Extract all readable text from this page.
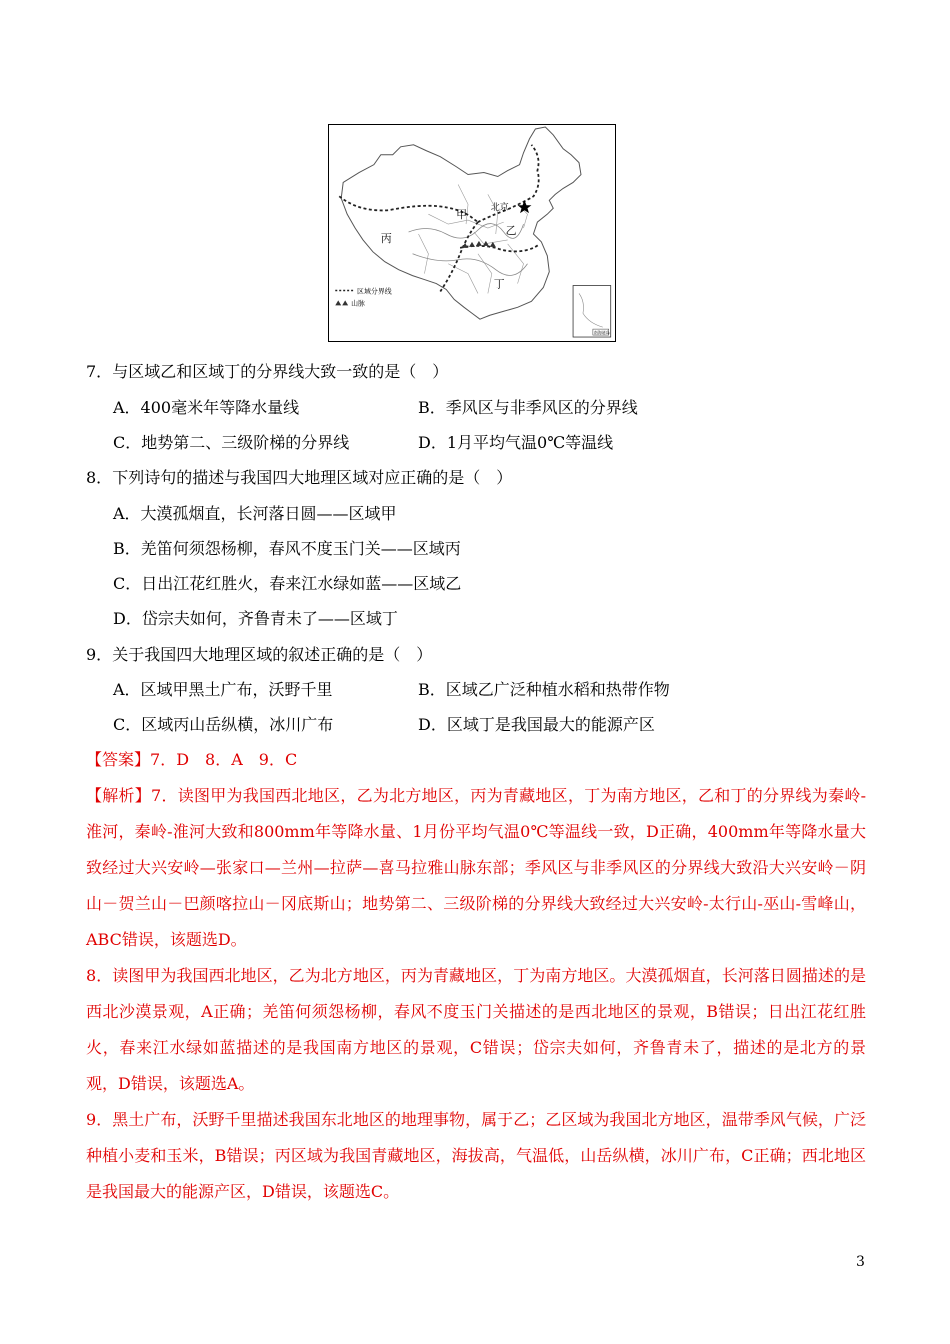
甲	北京
乙
丙
丁
区域分界线
山脉
南海诸岛
7．与区域乙和区域丁的分界线大致一致的是（　）
A．400毫米年等降水量线	B．季风区与非季风区的分界线
C．地势第二、三级阶梯的分界线	D．1月平均气温0℃等温线
8．下列诗句的描述与我国四大地理区域对应正确的是（　）
A．大漠孤烟直，长河落日圆——区域甲
B．羌笛何须怨杨柳，春风不度玉门关——区域丙
C．日出江花红胜火，春来江水绿如蓝——区域乙
D．岱宗夫如何，齐鲁青未了——区域丁
9．关于我国四大地理区域的叙述正确的是（　）
A．区域甲黑土广布，沃野千里	B．区域乙广泛种植水稻和热带作物
C．区域丙山岳纵横，冰川广布	D．区域丁是我国最大的能源产区
【答案】7．D　8．A　9．C

【解析】7．读图甲为我国西北地区，乙为北方地区，丙为青藏地区，丁为南方地区，乙和丁的分界线为秦岭-淮河，秦岭-淮河大致和800mm年等降水量、1月份平均气温0℃等温线一致，D正确，400mm年等降水量大致经过大兴安岭—张家口—兰州—拉萨—喜马拉雅山脉东部；季风区与非季风区的分界线大致沿大兴安岭－阴山－贺兰山－巴颜喀拉山－冈底斯山；地势第二、三级阶梯的分界线大致经过大兴安岭-太行山-巫山-雪峰山，ABC错误，该题选D。

8．读图甲为我国西北地区，乙为北方地区，丙为青藏地区，丁为南方地区。大漠孤烟直，长河落日圆描述的是西北沙漠景观，A正确；羌笛何须怨杨柳，春风不度玉门关描述的是西北地区的景观，B错误；日出江花红胜火，春来江水绿如蓝描述的是我国南方地区的景观，C错误；岱宗夫如何，齐鲁青未了，描述的是北方的景观，D错误，该题选A。

9．黑土广布，沃野千里描述我国东北地区的地理事物，属于乙；乙区域为我国北方地区，温带季风气候，广泛种植小麦和玉米，B错误；丙区域为我国青藏地区，海拔高，气温低，山岳纵横，冰川广布，C正确；西北地区是我国最大的能源产区，D错误，该题选C。

3
